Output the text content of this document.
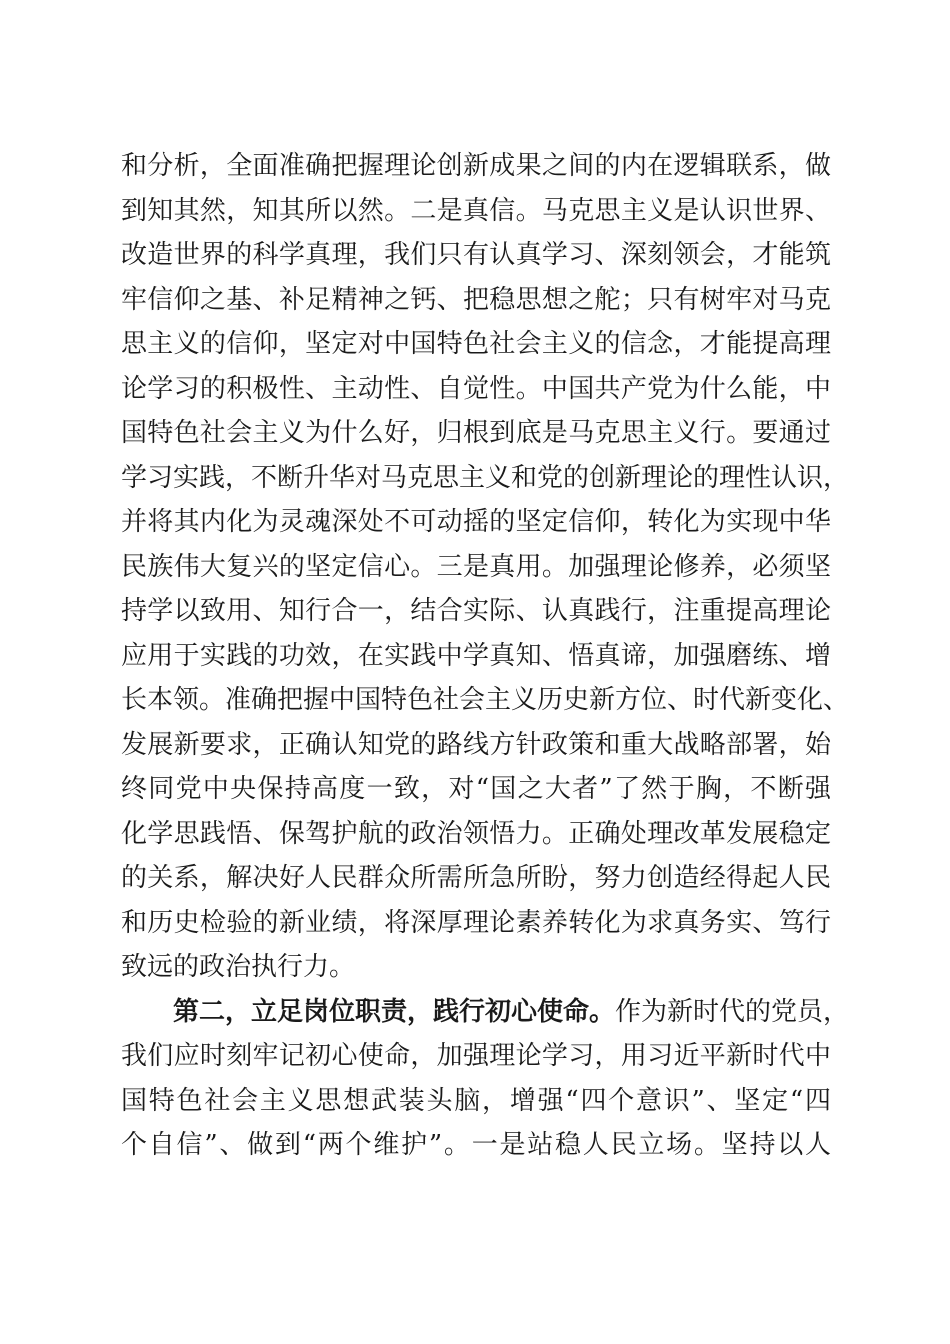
和分析，全面准确把握理论创新成果之间的内在逻辑联系，做
到知其然，知其所以然。二是真信。马克思主义是认识世界、
改造世界的科学真理，我们只有认真学习、深刻领会，才能筑
牢信仰之基、补足精神之钙、把稳思想之舵；只有树牢对马克
思主义的信仰，坚定对中国特色社会主义的信念，才能提高理
论学习的积极性、主动性、自觉性。中国共产党为什么能，中
国特色社会主义为什么好，归根到底是马克思主义行。要通过
学习实践，不断升华对马克思主义和党的创新理论的理性认识，
并将其内化为灵魂深处不可动摇的坚定信仰，转化为实现中华
民族伟大复兴的坚定信心。三是真用。加强理论修养，必须坚
持学以致用、知行合一，结合实际、认真践行，注重提高理论
应用于实践的功效，在实践中学真知、悟真谛，加强磨练、增
长本领。准确把握中国特色社会主义历史新方位、时代新变化、
发展新要求，正确认知党的路线方针政策和重大战略部署，始
终同党中央保持高度一致，对“国之大者”了然于胸，不断强
化学思践悟、保驾护航的政治领悟力。正确处理改革发展稳定
的关系，解决好人民群众所需所急所盼，努力创造经得起人民
和历史检验的新业绩，将深厚理论素养转化为求真务实、笃行
致远的政治执行力。
第二，立足岗位职责，践行初心使命。作为新时代的党员，
我们应时刻牢记初心使命，加强理论学习，用习近平新时代中
国特色社会主义思想武装头脑，增强“四个意识”、坚定“四
个自信”、做到“两个维护”。一是站稳人民立场。坚持以人
